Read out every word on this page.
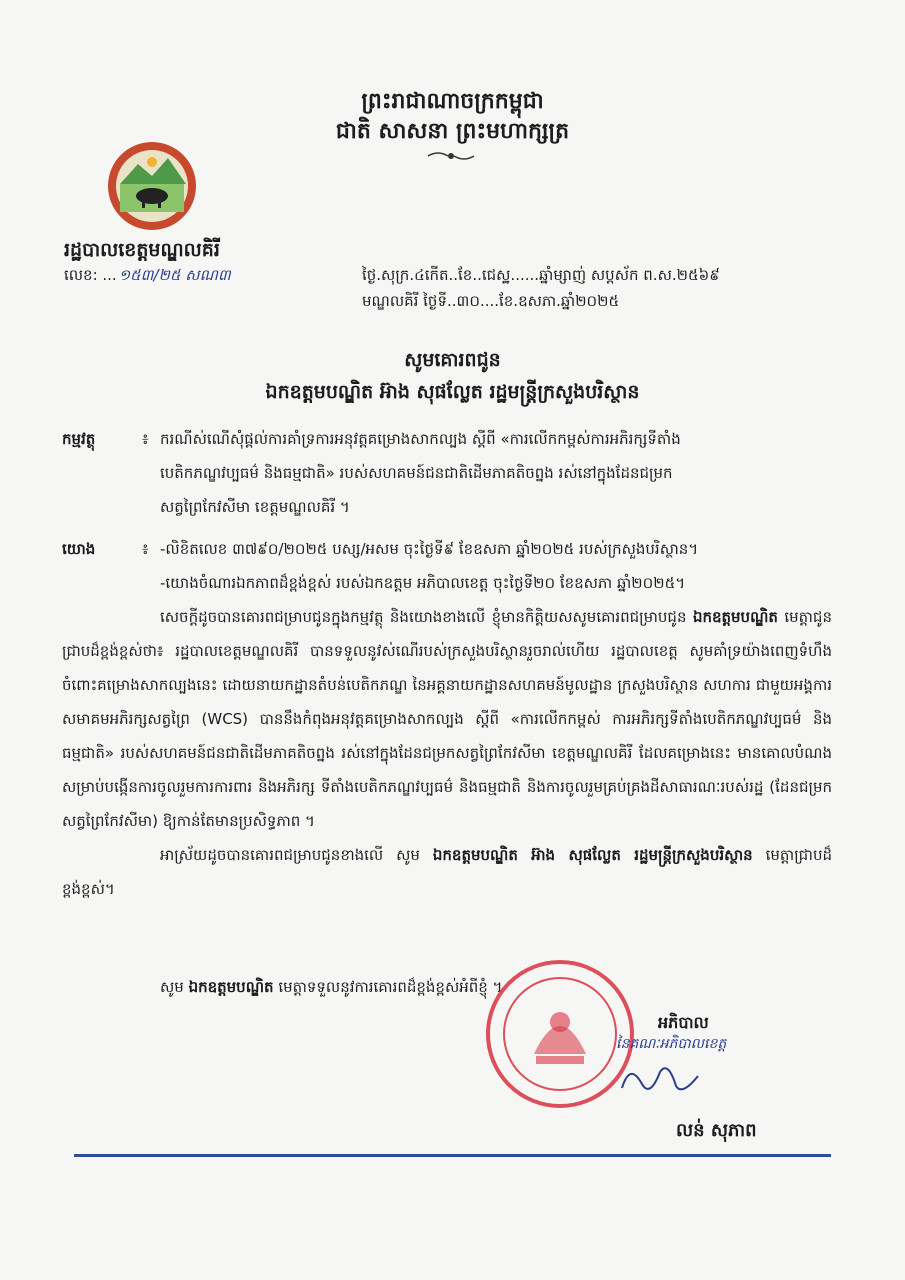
ព្រះរាជាណាចក្រកម្ពុជា
ជាតិ សាសនា ព្រះមហាក្សត្រ
រដ្ឋបាលខេត្តមណ្ឌលគិរី
លេខ: ... ១៥៣/២៥ សណ៣	ថ្ងៃ.សុក្រ.៤កើត..ខែ..ជេស្ឋ......ឆ្នាំម្សាញ់ សប្តស័ក ព.ស.២៥៦៩
មណ្ឌលគិរី ថ្ងៃទី..៣០....ខែ.ឧសភា.ឆ្នាំ២០២៥
សូមគោរពជូន
ឯកឧត្តមបណ្ឌិត អ៊ាង សុផល្លែត រដ្ឋមន្ត្រីក្រសួងបរិស្ថាន
កម្មវត្ថុ	៖ ករណីស់ណើសុំផ្តល់ការគាំទ្រការអនុវត្តគម្រោងសាកល្បង ស្តីពី «ការលើកកម្ពស់ការអភិរក្សទីតាំង
បេតិកភណ្ឌវប្បធម៌ និងធម្មជាតិ» របស់សហគមន៍ជនជាតិដើមភាគតិចព្នង រស់នៅក្នុងដែនជម្រក
សត្វព្រៃកែវសីមា ខេត្តមណ្ឌលគិរី ។
យោង	៖ -លិខិតលេខ ៣៧៩០/២០២៥ បស្ស/អសម ចុះថ្ងៃទី៩ ខែឧសភា ឆ្នាំ២០២៥ របស់ក្រសួងបរិស្ថាន។
-យោងចំណារឯកភាពដ៏ខ្ពង់ខ្ពស់ របស់ឯកឧត្តម អភិបាលខេត្ត ចុះថ្ងៃទី២០ ខែឧសភា ឆ្នាំ២០២៥។

សេចក្តីដូចបានគោរពជម្រាបជូនក្នុងកម្មវត្ថុ និងយោងខាងលើ ខ្ញុំមានកិត្តិយសសូមគោរពជម្រាបជូន ឯកឧត្តមបណ្ឌិត មេត្តាជូនជ្រាបដ៏ខ្ពង់ខ្ពស់ថា៖ រដ្ឋបាលខេត្តមណ្ឌលគិរី បានទទួលនូវស់ណើរបស់ក្រសួងបរិស្ថានរួចរាល់ហើយ រដ្ឋបាលខេត្ត សូមគាំទ្រយ៉ាងពេញទំហឹង ចំពោះគម្រោងសាកល្បងនេះ ដោយនាយកដ្ឋានតំបន់បេតិកភណ្ឌ នៃអគ្គនាយកដ្ឋានសហគមន៍មូលដ្ឋាន ក្រសួងបរិស្ថាន សហការ ជាមួយអង្គការសមាគមអភិរក្សសត្វព្រៃ (WCS) បាននឹងកំពុងអនុវត្តគម្រោងសាកល្បង ស្តីពី «ការលើកកម្ពស់ ការអភិរក្សទីតាំងបេតិកភណ្ឌវប្បធម៌ និងធម្មជាតិ» របស់សហគមន៍ជនជាតិដើមភាគតិចព្នង រស់នៅក្នុងដែនជម្រកសត្វព្រៃកែវសីមា ខេត្តមណ្ឌលគិរី ដែលគម្រោងនេះ មានគោលបំណងសម្រាប់បង្កើនការចូលរួមការការពារ និងអភិរក្ស ទីតាំងបេតិកភណ្ឌវប្បធម៌ និងធម្មជាតិ និងការចូលរួមគ្រប់គ្រងដីសាធារណៈរបស់រដ្ឋ (ដែនជម្រកសត្វព្រៃកែវសីមា) ឱ្យកាន់តែមានប្រសិទ្ធភាព ។

អាស្រ័យដូចបានគោរពជម្រាបជូនខាងលើ សូម ឯកឧត្តមបណ្ឌិត អ៊ាង សុផល្លែត រដ្ឋមន្ត្រីក្រសួងបរិស្ថាន មេត្តាជ្រាបដ៏ខ្ពង់ខ្ពស់។

សូម ឯកឧត្តមបណ្ឌិត មេត្តាទទួលនូវការគោរពដ៏ខ្ពង់ខ្ពស់អំពីខ្ញុំ ។
អភិបាល
នៃគណៈអភិបាលខេត្ត
លន់ សុភាព
